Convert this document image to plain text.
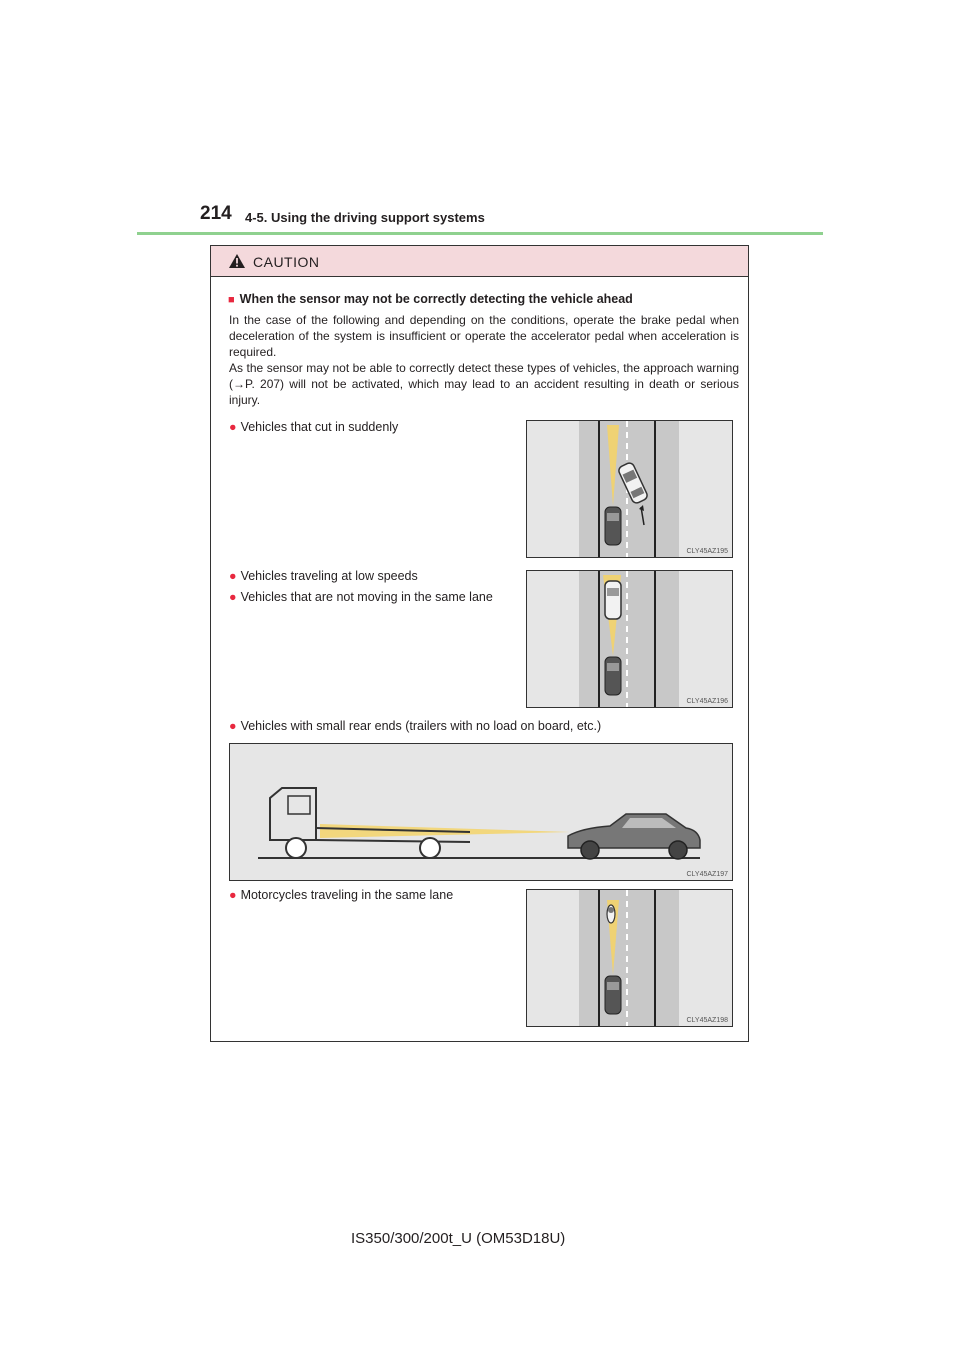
214 4-5. Using the driving support systems
CAUTION
■ When the sensor may not be correctly detecting the vehicle ahead

In the case of the following and depending on the conditions, operate the brake pedal when deceleration of the system is insufficient or operate the accelerator pedal when acceleration is required.

As the sensor may not be able to correctly detect these types of vehicles, the approach warning (→P. 207) will not be activated, which may lead to an accident resulting in death or serious injury.

● Vehicles that cut in suddenly
● Vehicles traveling at low speeds
● Vehicles that are not moving in the same lane
● Vehicles with small rear ends (trailers with no load on board, etc.)
● Motorcycles traveling in the same lane
CLY45AZ195
CLY45AZ196
CLY45AZ197
CLY45AZ198
IS350/300/200t_U (OM53D18U)
